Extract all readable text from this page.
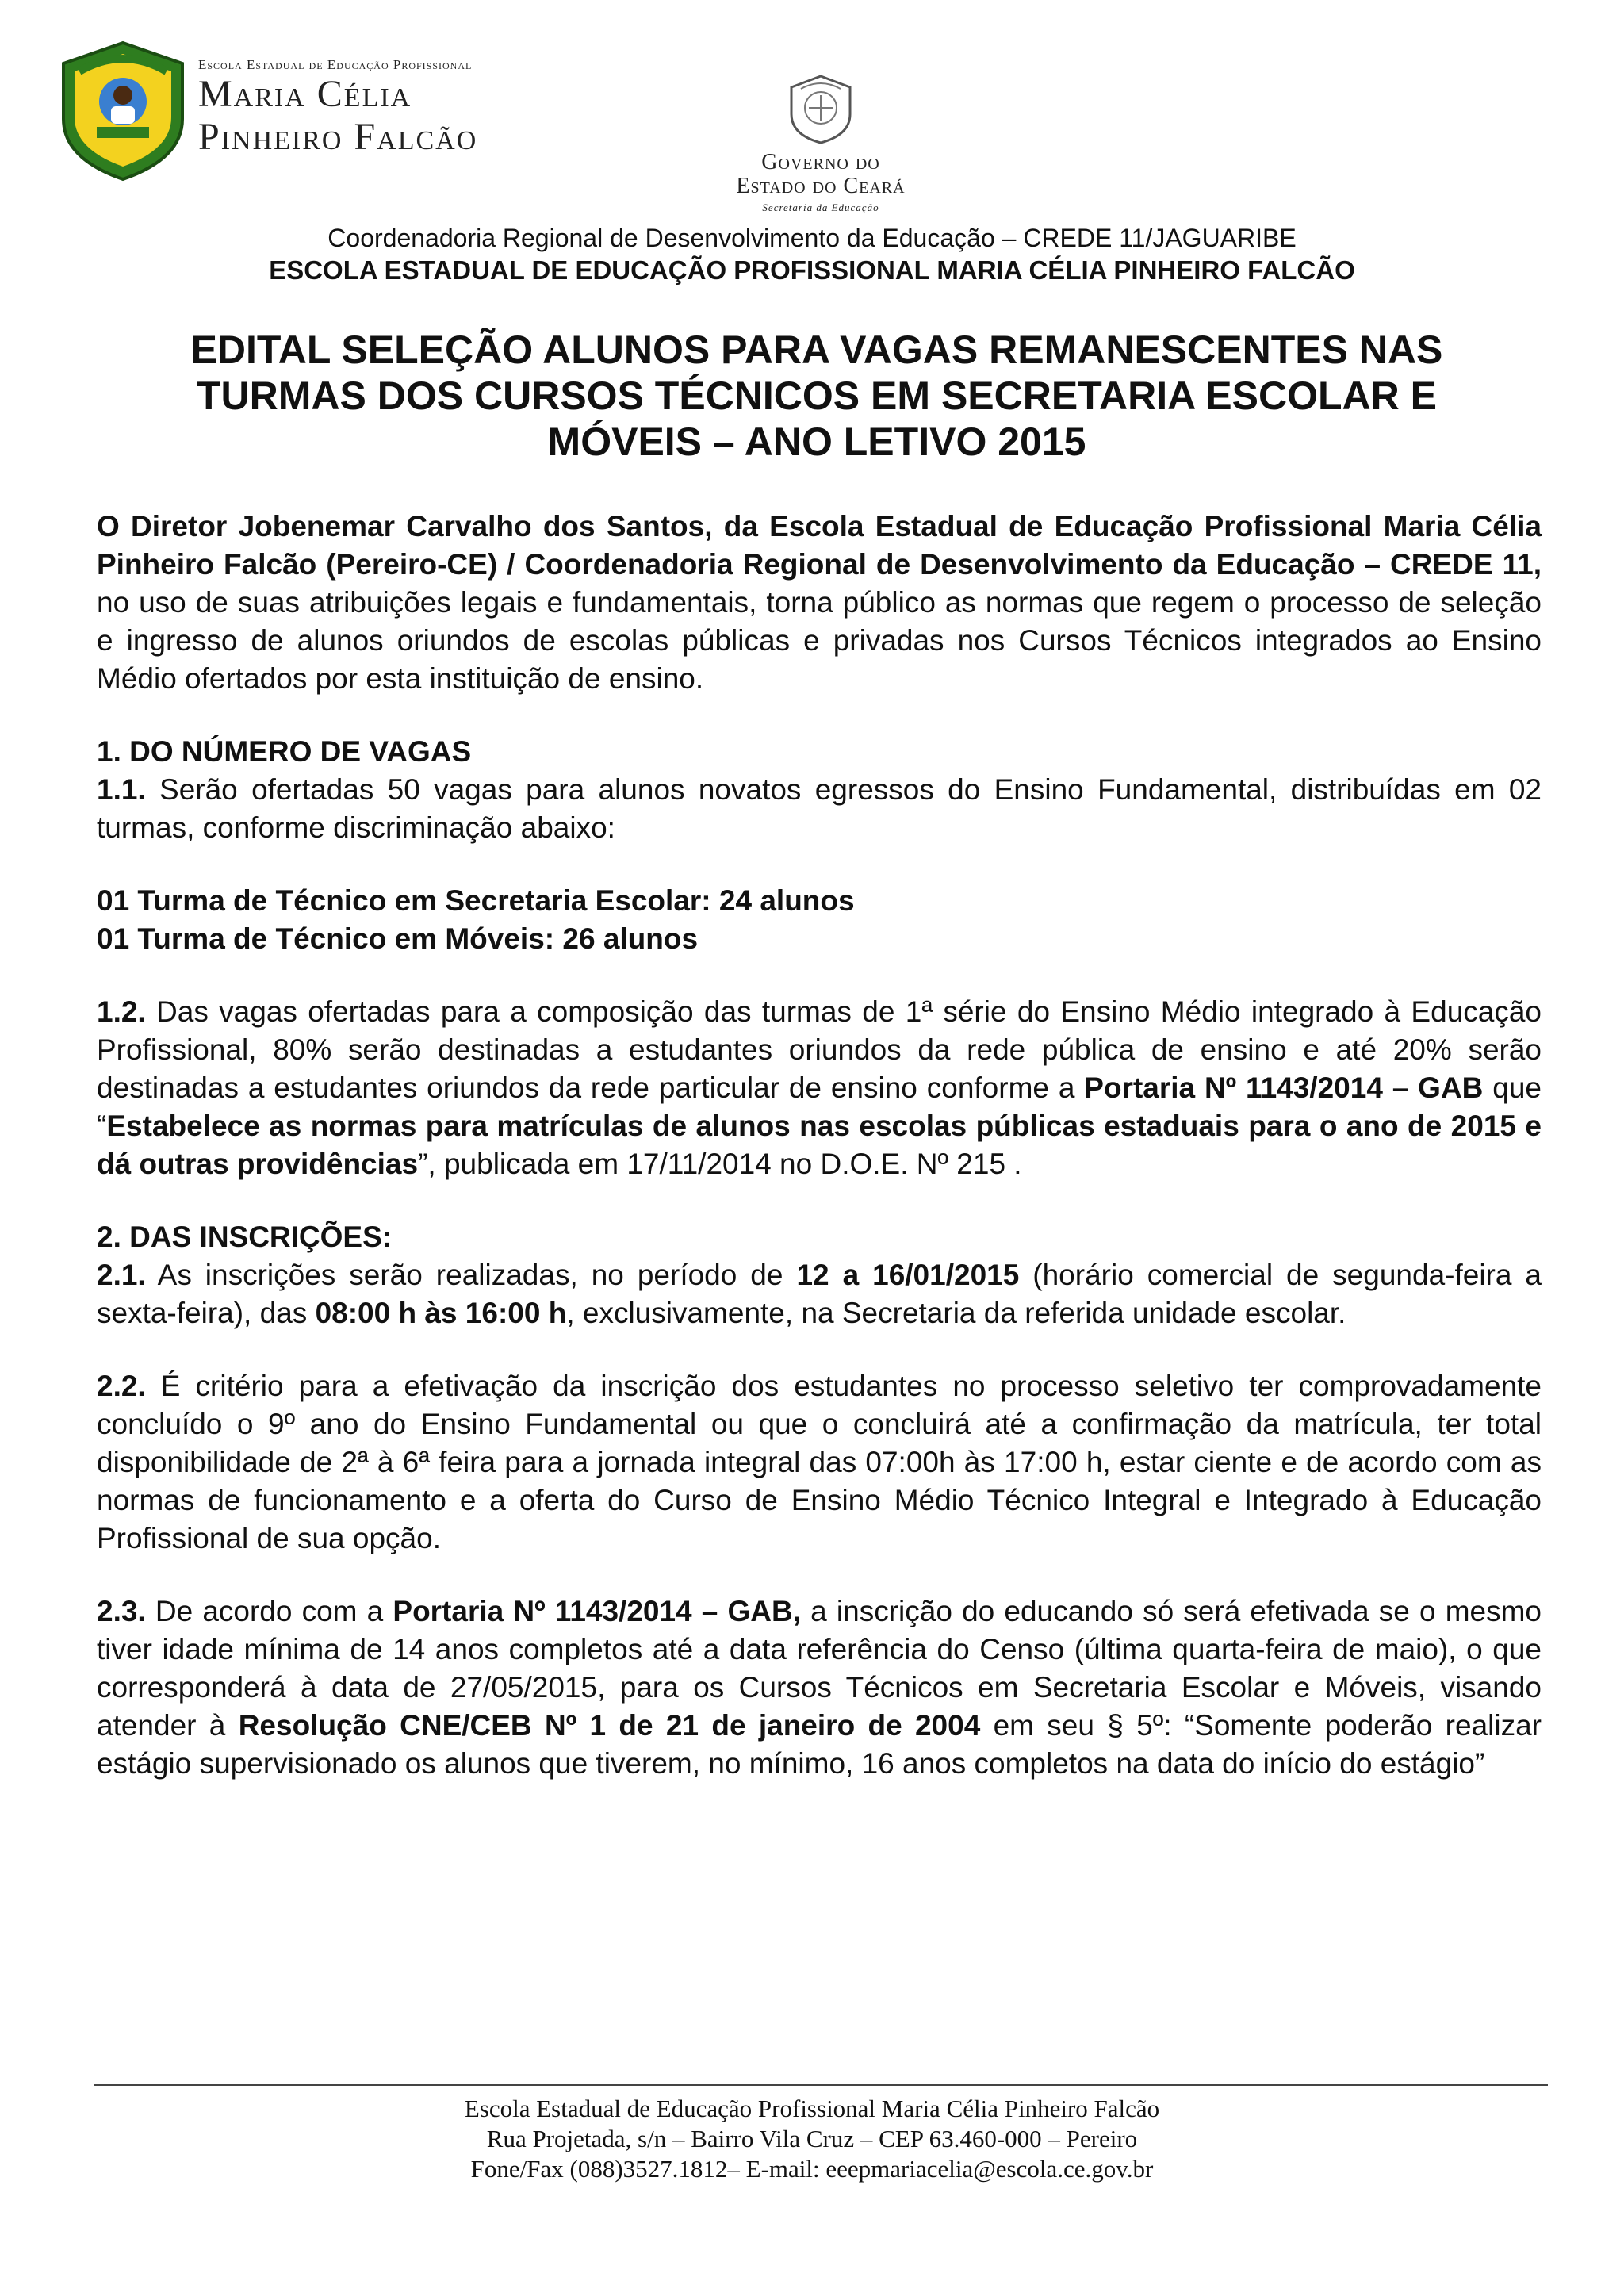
Escola Estadual de Educação Profissional
Maria Célia
Pinheiro Falcão
Governo do
Estado do Ceará
Secretaria da Educação
Coordenadoria Regional de Desenvolvimento da Educação – CREDE 11/JAGUARIBE
ESCOLA ESTADUAL DE EDUCAÇÃO PROFISSIONAL MARIA CÉLIA PINHEIRO FALCÃO
EDITAL SELEÇÃO ALUNOS PARA VAGAS REMANESCENTES NAS
TURMAS DOS CURSOS TÉCNICOS EM SECRETARIA ESCOLAR E
MÓVEIS – ANO LETIVO 2015

O Diretor Jobenemar Carvalho dos Santos, da Escola Estadual de Educação Profissional Maria Célia Pinheiro Falcão (Pereiro-CE) / Coordenadoria Regional de Desenvolvimento da Educação – CREDE 11, no uso de suas atribuições legais e fundamentais, torna público as normas que regem o processo de seleção e ingresso de alunos oriundos de escolas públicas e privadas nos Cursos Técnicos integrados ao Ensino Médio ofertados por esta instituição de ensino.

1. DO NÚMERO DE VAGAS

1.1. Serão ofertadas 50 vagas para alunos novatos egressos do Ensino Fundamental, distribuídas em 02 turmas, conforme discriminação abaixo:

01 Turma de Técnico em Secretaria Escolar: 24 alunos

01 Turma de Técnico em Móveis: 26 alunos

1.2. Das vagas ofertadas para a composição das turmas de 1ª série do Ensino Médio integrado à Educação Profissional, 80% serão destinadas a estudantes oriundos da rede pública de ensino e até 20% serão destinadas a estudantes oriundos da rede particular de ensino conforme a Portaria Nº 1143/2014 – GAB que “Estabelece as normas para matrículas de alunos nas escolas públicas estaduais para o ano de 2015 e dá outras providências”, publicada em 17/11/2014 no D.O.E. Nº 215 .

2. DAS INSCRIÇÕES:

2.1. As inscrições serão realizadas, no período de 12 a 16/01/2015 (horário comercial de segunda-feira a sexta-feira), das 08:00 h às 16:00 h, exclusivamente, na Secretaria da referida unidade escolar.

2.2. É critério para a efetivação da inscrição dos estudantes no processo seletivo ter comprovadamente concluído o 9º ano do Ensino Fundamental ou que o concluirá até a confirmação da matrícula, ter total disponibilidade de 2ª à 6ª feira para a jornada integral das 07:00h às 17:00 h, estar ciente e de acordo com as normas de funcionamento e a oferta do Curso de Ensino Médio Técnico Integral e Integrado à Educação Profissional de sua opção.

2.3. De acordo com a Portaria Nº 1143/2014 – GAB, a inscrição do educando só será efetivada se o mesmo tiver idade mínima de 14 anos completos até a data referência do Censo (última quarta-feira de maio), o que corresponderá à data de 27/05/2015, para os Cursos Técnicos em Secretaria Escolar e Móveis, visando atender à Resolução CNE/CEB Nº 1 de 21 de janeiro de 2004 em seu § 5º: “Somente poderão realizar estágio supervisionado os alunos que tiverem, no mínimo, 16 anos completos na data do início do estágio”

Escola Estadual de Educação Profissional Maria Célia Pinheiro Falcão
Rua Projetada, s/n – Bairro Vila Cruz – CEP 63.460-000 – Pereiro
Fone/Fax (088)3527.1812– E-mail: eeepmariacelia@escola.ce.gov.br
